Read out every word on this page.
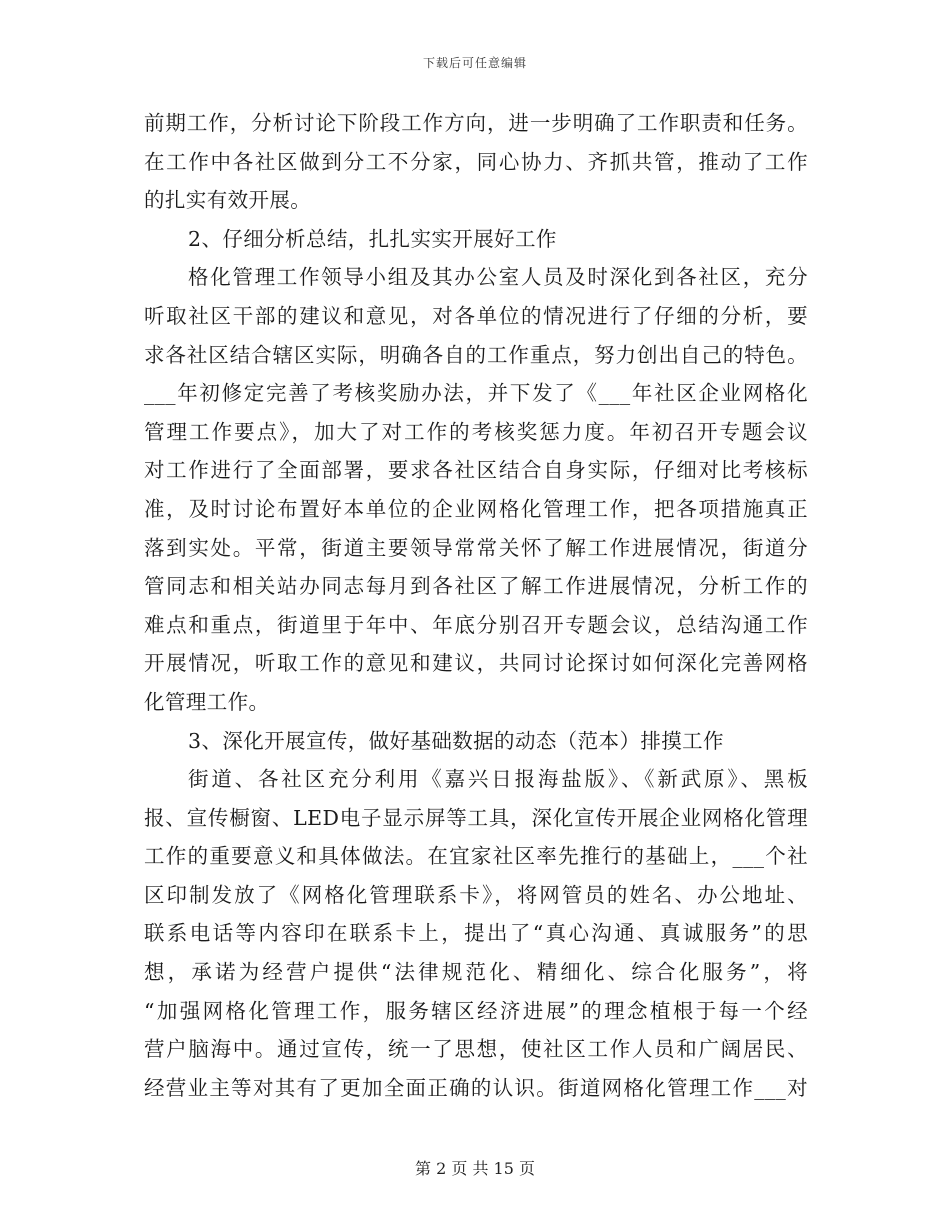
下载后可任意编辑
前期工作，分析讨论下阶段工作方向，进一步明确了工作职责和任务。
在工作中各社区做到分工不分家，同心协力、齐抓共管，推动了工作
的扎实有效开展。
2、仔细分析总结，扎扎实实开展好工作
格化管理工作领导小组及其办公室人员及时深化到各社区，充分
听取社区干部的建议和意见，对各单位的情况进行了仔细的分析，要
求各社区结合辖区实际，明确各自的工作重点，努力创出自己的特色。
___年初修定完善了考核奖励办法，并下发了《___年社区企业网格化
管理工作要点》，加大了对工作的考核奖惩力度。年初召开专题会议
对工作进行了全面部署，要求各社区结合自身实际，仔细对比考核标
准，及时讨论布置好本单位的企业网格化管理工作，把各项措施真正
落到实处。平常，街道主要领导常常关怀了解工作进展情况，街道分
管同志和相关站办同志每月到各社区了解工作进展情况，分析工作的
难点和重点，街道里于年中、年底分别召开专题会议，总结沟通工作
开展情况，听取工作的意见和建议，共同讨论探讨如何深化完善网格
化管理工作。
3、深化开展宣传，做好基础数据的动态（范本）排摸工作
街道、各社区充分利用《嘉兴日报海盐版》、《新武原》、黑板
报、宣传橱窗、LED电子显示屏等工具，深化宣传开展企业网格化管理
工作的重要意义和具体做法。在宜家社区率先推行的基础上，___个社
区印制发放了《网格化管理联系卡》，将网管员的姓名、办公地址、
联系电话等内容印在联系卡上，提出了“真心沟通、真诚服务”的思
想，承诺为经营户提供“法律规范化、精细化、综合化服务”，将
“加强网格化管理工作，服务辖区经济进展”的理念植根于每一个经
营户脑海中。通过宣传，统一了思想，使社区工作人员和广阔居民、
经营业主等对其有了更加全面正确的认识。街道网格化管理工作___对
第 2 页 共 15 页
